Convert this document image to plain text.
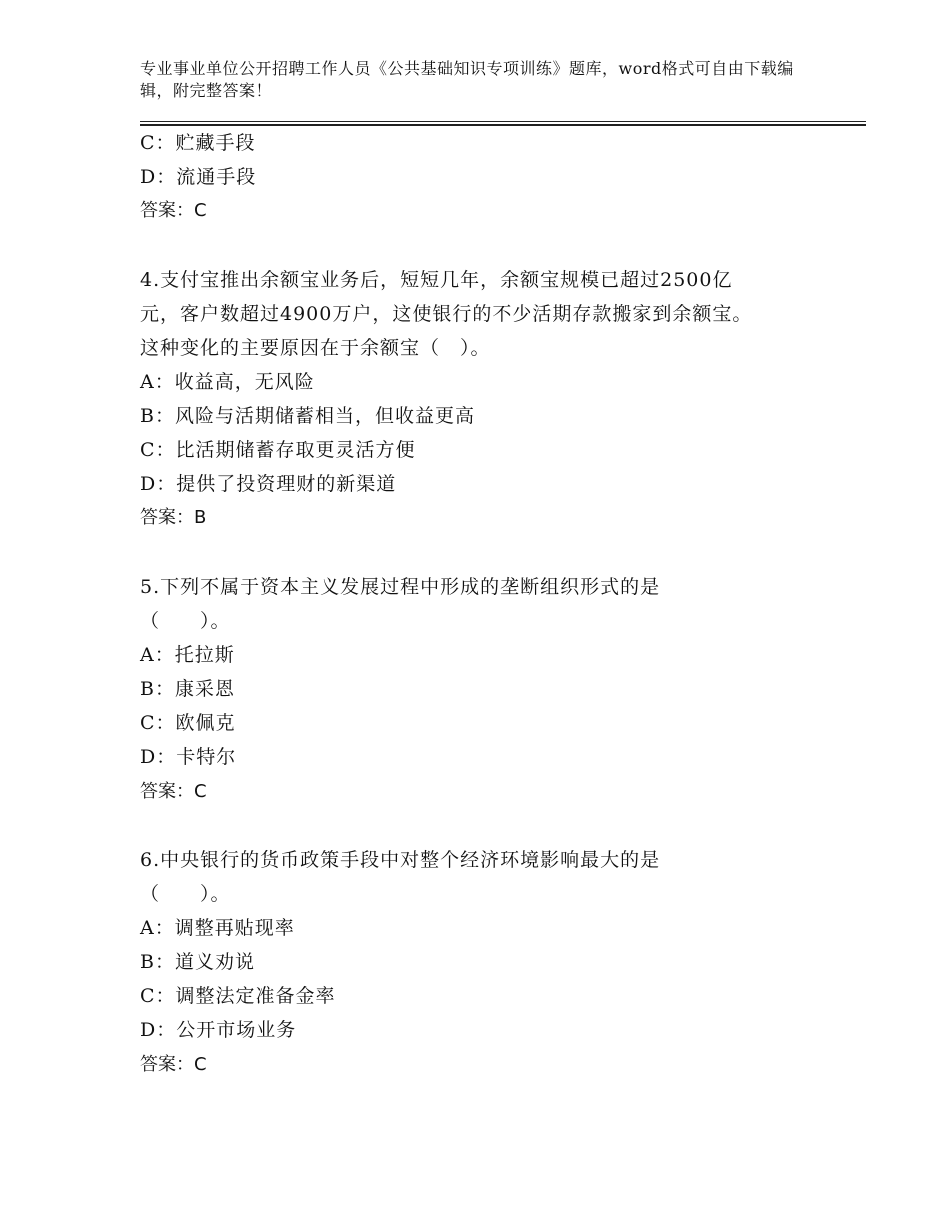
专业事业单位公开招聘工作人员《公共基础知识专项训练》题库，word格式可自由下载编辑，附完整答案！
C：贮藏手段
D：流通手段
答案：C
4.支付宝推出余额宝业务后，短短几年，余额宝规模已超过2500亿
元，客户数超过4900万户，这使银行的不少活期存款搬家到余额宝。
这种变化的主要原因在于余额宝（　）。
A：收益高，无风险
B：风险与活期储蓄相当，但收益更高
C：比活期储蓄存取更灵活方便
D：提供了投资理财的新渠道
答案：B
5.下列不属于资本主义发展过程中形成的垄断组织形式的是
（　　）。
A：托拉斯
B：康采恩
C：欧佩克
D：卡特尔
答案：C
6.中央银行的货币政策手段中对整个经济环境影响最大的是
（　　）。
A：调整再贴现率
B：道义劝说
C：调整法定准备金率
D：公开市场业务
答案：C
